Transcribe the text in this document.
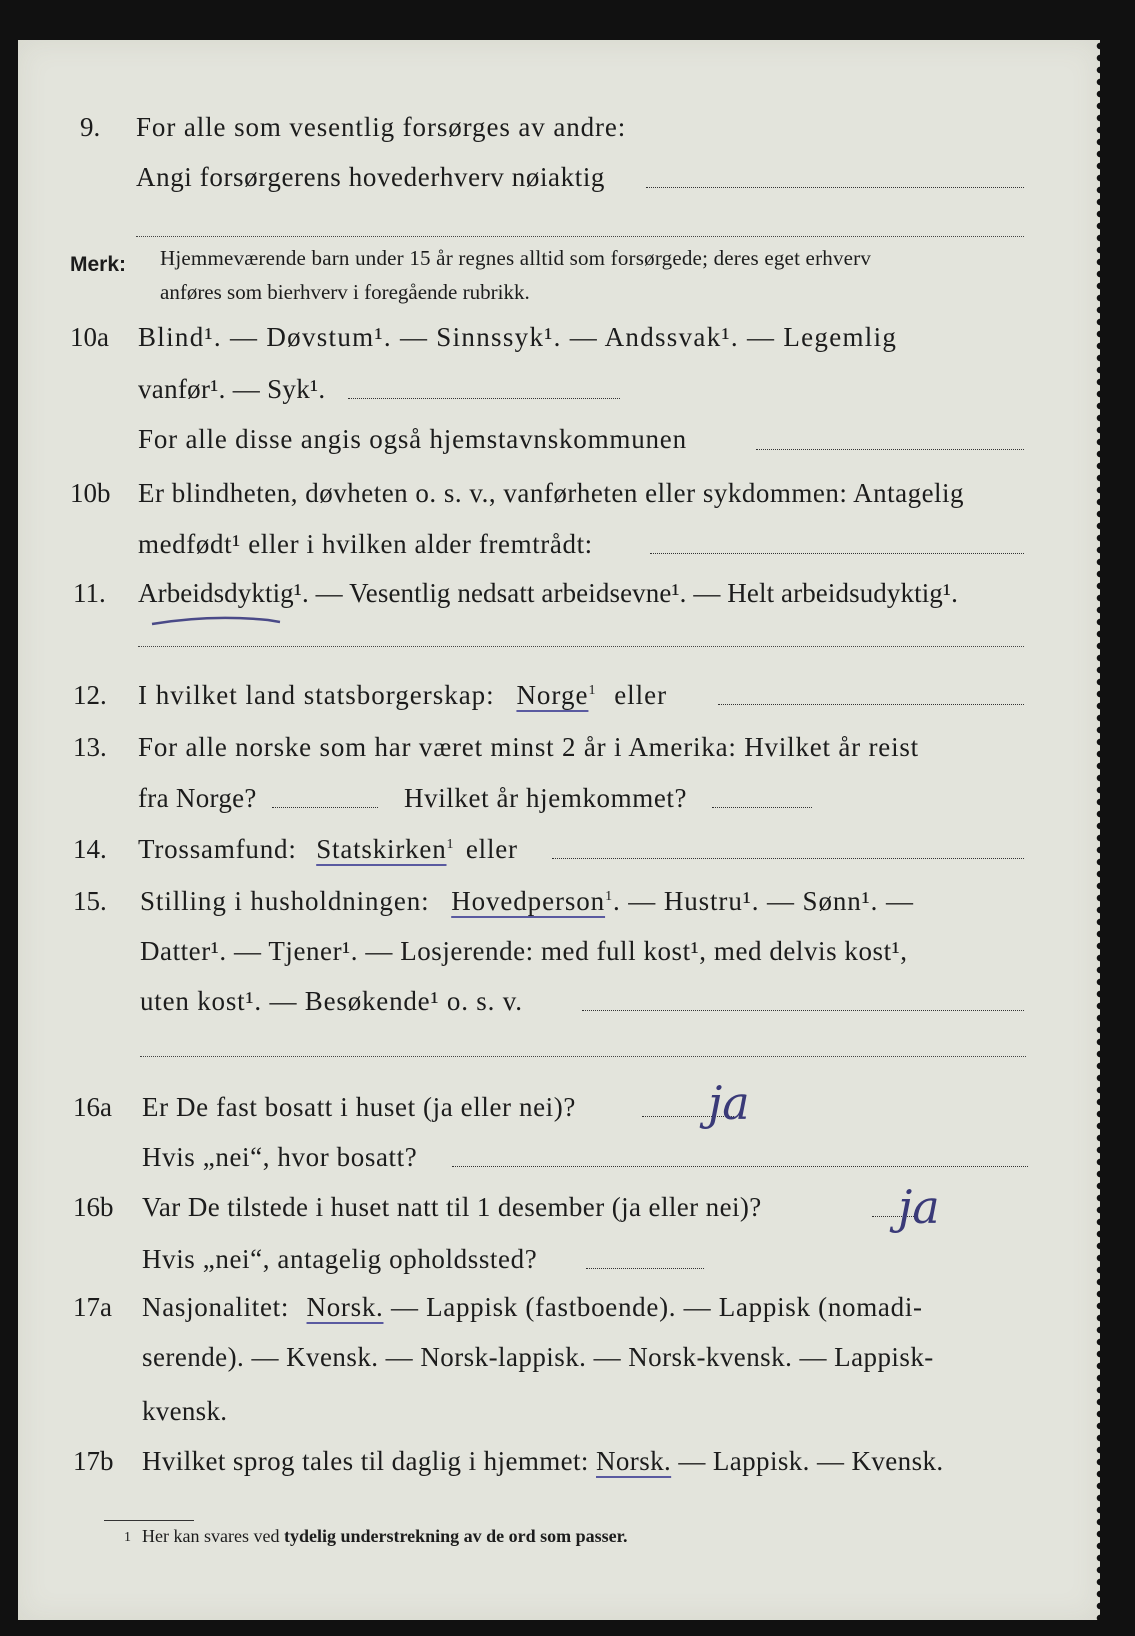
9. For alle som vesentlig forsørges av andre:
Angi forsørgerens hovederhverv nøiaktig
Merk: Hjemmeværende barn under 15 år regnes alltid som forsørgede; deres eget erhverv
anføres som bierhverv i foregående rubrikk.
10a Blind¹. — Døvstum¹. — Sinnssyk¹. — Andssvak¹. — Legemlig
vanfør¹. — Syk¹.
For alle disse angis også hjemstavnskommunen
10b Er blindheten, døvheten o. s. v., vanførheten eller sykdommen: Antagelig
medfødt¹ eller i hvilken alder fremtrådt:
11. Arbeidsdyktig¹. — Vesentlig nedsatt arbeidsevne¹. — Helt arbeidsudyktig¹.
12. I hvilket land statsborgerskap: Norge$^1$ eller
13. For alle norske som har været minst 2 år i Amerika: Hvilket år reist
fra Norge?	Hvilket år hjemkommet?
14. Trossamfund: Statskirken$^1$ eller
15. Stilling i husholdningen: Hovedperson$^1$. — Hustru¹. — Sønn¹. —
Datter¹. — Tjener¹. — Losjerende: med full kost¹, med delvis kost¹,
uten kost¹. — Besøkende¹ o. s. v.
16a Er De fast bosatt i huset (ja eller nei)?	ja
Hvis „nei“, hvor bosatt?
16b Var De tilstede i huset natt til 1 desember (ja eller nei)?	ja
Hvis „nei“, antagelig opholdssted?
17a Nasjonalitet: Norsk. — Lappisk (fastboende). — Lappisk (nomadi-
serende). — Kvensk. — Norsk-lappisk. — Norsk-kvensk. — Lappisk-
kvensk.
17b Hvilket sprog tales til daglig i hjemmet: Norsk. — Lappisk. — Kvensk.
1 Her kan svares ved tydelig understrekning av de ord som passer.
